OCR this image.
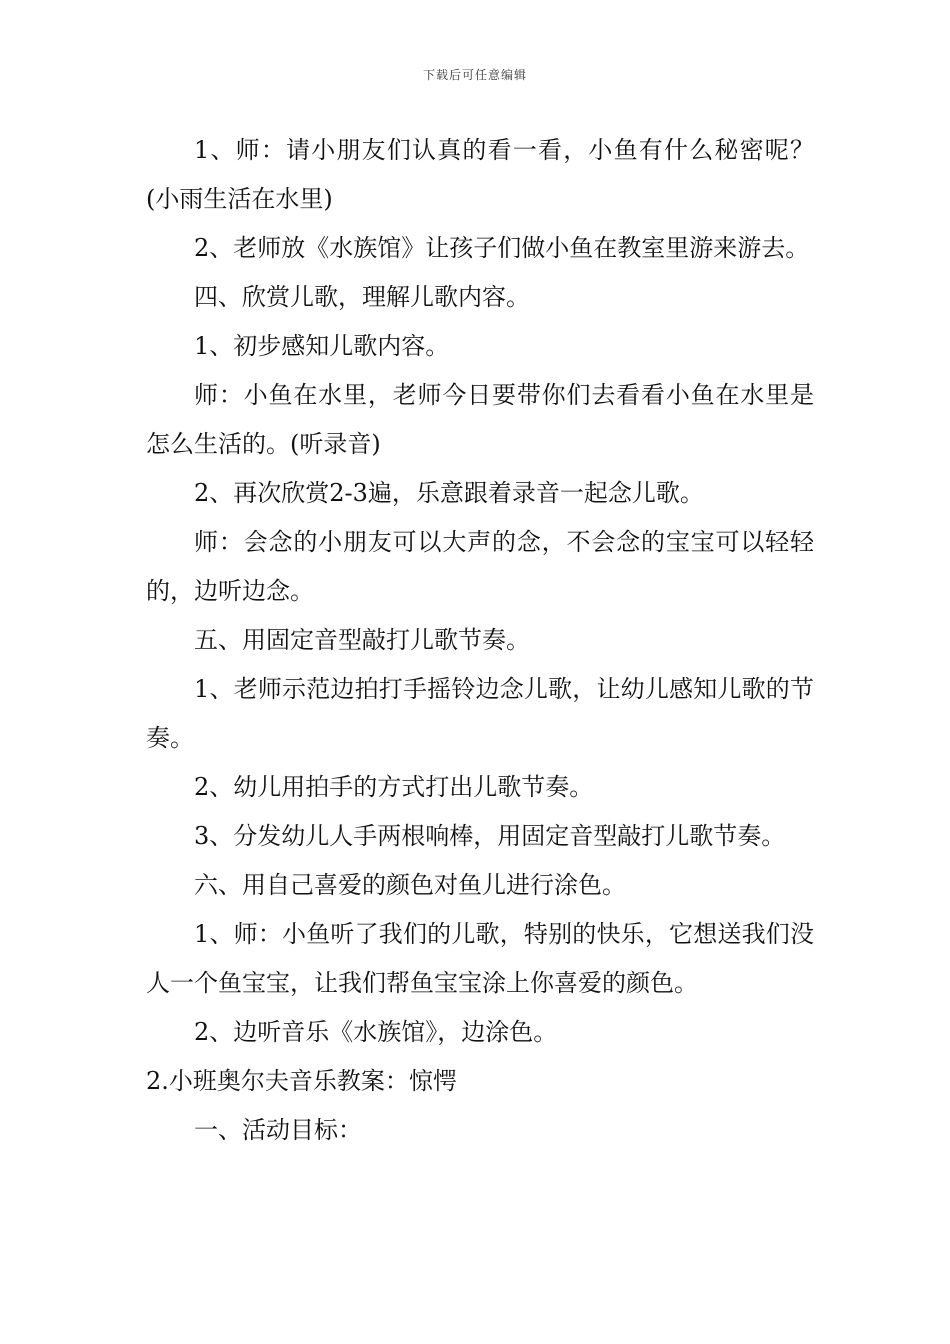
下载后可任意编辑

1、师：请小朋友们认真的看一看，小鱼有什么秘密呢？(小雨生活在水里)

2、老师放《水族馆》让孩子们做小鱼在教室里游来游去。

四、欣赏儿歌，理解儿歌内容。

1、初步感知儿歌内容。

师：小鱼在水里，老师今日要带你们去看看小鱼在水里是怎么生活的。(听录音)

2、再次欣赏2-3遍，乐意跟着录音一起念儿歌。

师：会念的小朋友可以大声的念，不会念的宝宝可以轻轻的，边听边念。

五、用固定音型敲打儿歌节奏。

1、老师示范边拍打手摇铃边念儿歌，让幼儿感知儿歌的节奏。

2、幼儿用拍手的方式打出儿歌节奏。

3、分发幼儿人手两根响棒，用固定音型敲打儿歌节奏。

六、用自己喜爱的颜色对鱼儿进行涂色。

1、师：小鱼听了我们的儿歌，特别的快乐，它想送我们没人一个鱼宝宝，让我们帮鱼宝宝涂上你喜爱的颜色。

2、边听音乐《水族馆》，边涂色。

2.小班奥尔夫音乐教案：惊愕

一、活动目标：
